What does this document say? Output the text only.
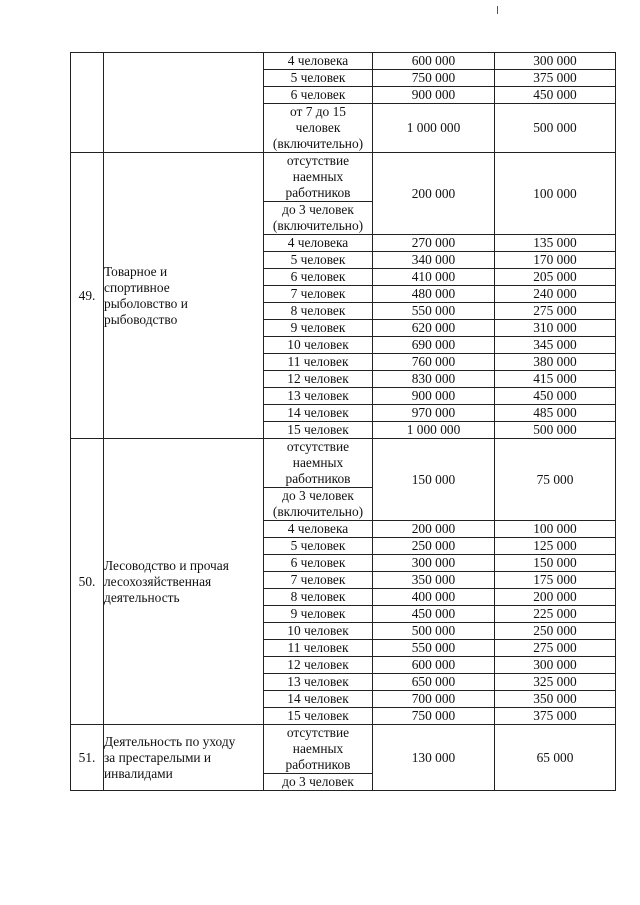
		4 человека	600 000	300 000
		5 человек	750 000	375 000
		6 человек	900 000	450 000
		от 7 до 15
человек
(включительно)	1 000 000	500 000
49.	Товарное и
спортивное
рыболовство и
рыбоводство	отсутствие
наемных
работников	200 000	100 000
		до 3 человек
(включительно)		
		4 человека	270 000	135 000
		5 человек	340 000	170 000
		6 человек	410 000	205 000
		7 человек	480 000	240 000
		8 человек	550 000	275 000
		9 человек	620 000	310 000
		10 человек	690 000	345 000
		11 человек	760 000	380 000
		12 человек	830 000	415 000
		13 человек	900 000	450 000
		14 человек	970 000	485 000
		15 человек	1 000 000	500 000
50.	Лесоводство и прочая
лесохозяйственная
деятельность	отсутствие
наемных
работников	150 000	75 000
		до 3 человек
(включительно)		
		4 человека	200 000	100 000
		5 человек	250 000	125 000
		6 человек	300 000	150 000
		7 человек	350 000	175 000
		8 человек	400 000	200 000
		9 человек	450 000	225 000
		10 человек	500 000	250 000
		11 человек	550 000	275 000
		12 человек	600 000	300 000
		13 человек	650 000	325 000
		14 человек	700 000	350 000
		15 человек	750 000	375 000
51.	Деятельность по уходу
за престарелыми и
инвалидами	отсутствие
наемных
работников	130 000	65 000
		до 3 человек		
